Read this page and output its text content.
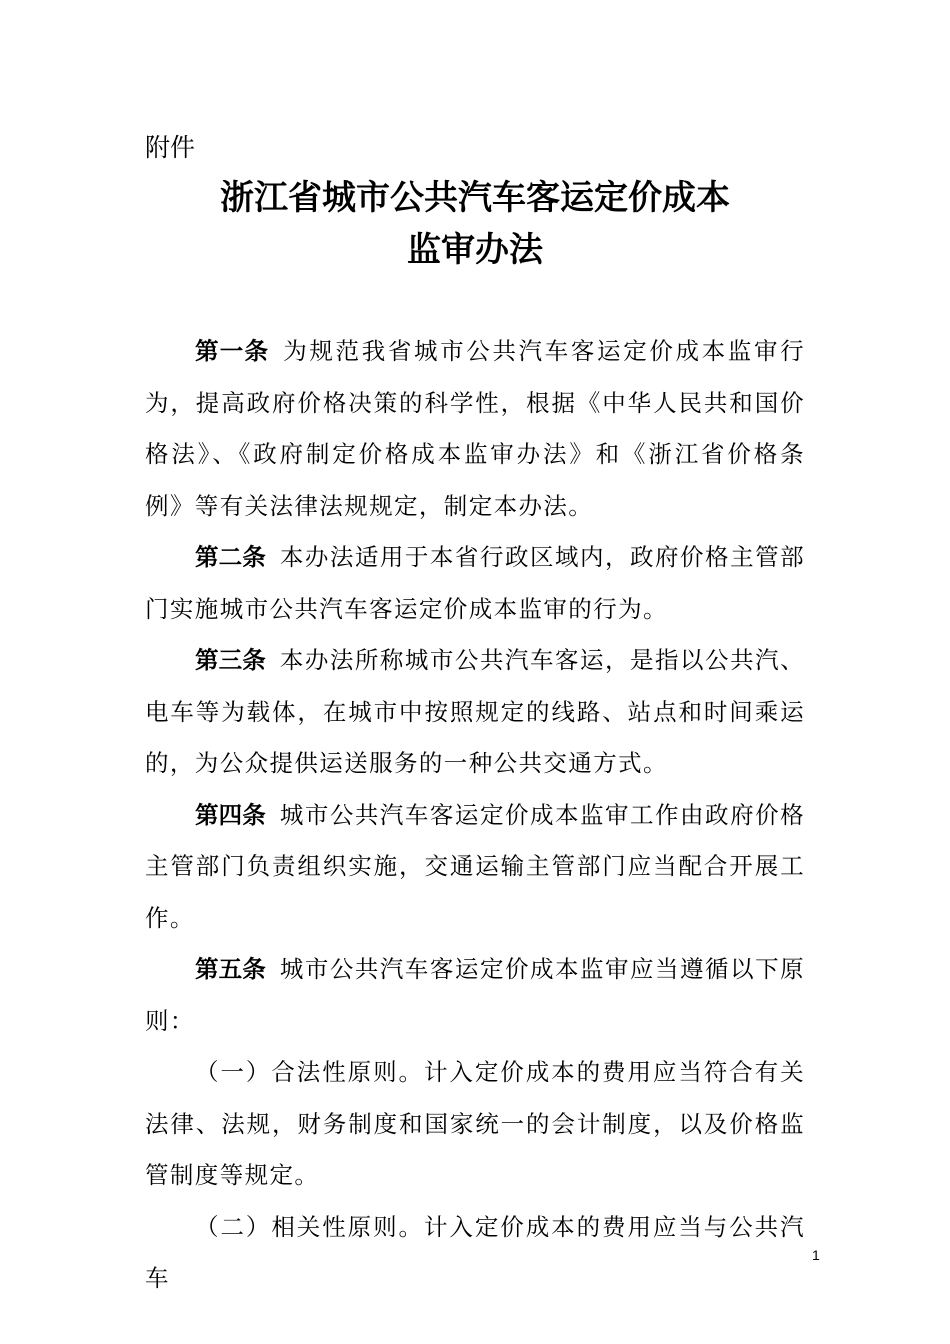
附件
浙江省城市公共汽车客运定价成本
监审办法

第一条 为规范我省城市公共汽车客运定价成本监审行为，提高政府价格决策的科学性，根据《中华人民共和国价格法》、《政府制定价格成本监审办法》和《浙江省价格条例》等有关法律法规规定，制定本办法。

第二条 本办法适用于本省行政区域内，政府价格主管部门实施城市公共汽车客运定价成本监审的行为。

第三条 本办法所称城市公共汽车客运，是指以公共汽、电车等为载体，在城市中按照规定的线路、站点和时间乘运的，为公众提供运送服务的一种公共交通方式。

第四条 城市公共汽车客运定价成本监审工作由政府价格主管部门负责组织实施，交通运输主管部门应当配合开展工作。

第五条 城市公共汽车客运定价成本监审应当遵循以下原则：

（一）合法性原则。计入定价成本的费用应当符合有关法律、法规，财务制度和国家统一的会计制度，以及价格监管制度等规定。

（二）相关性原则。计入定价成本的费用应当与公共汽车

1
